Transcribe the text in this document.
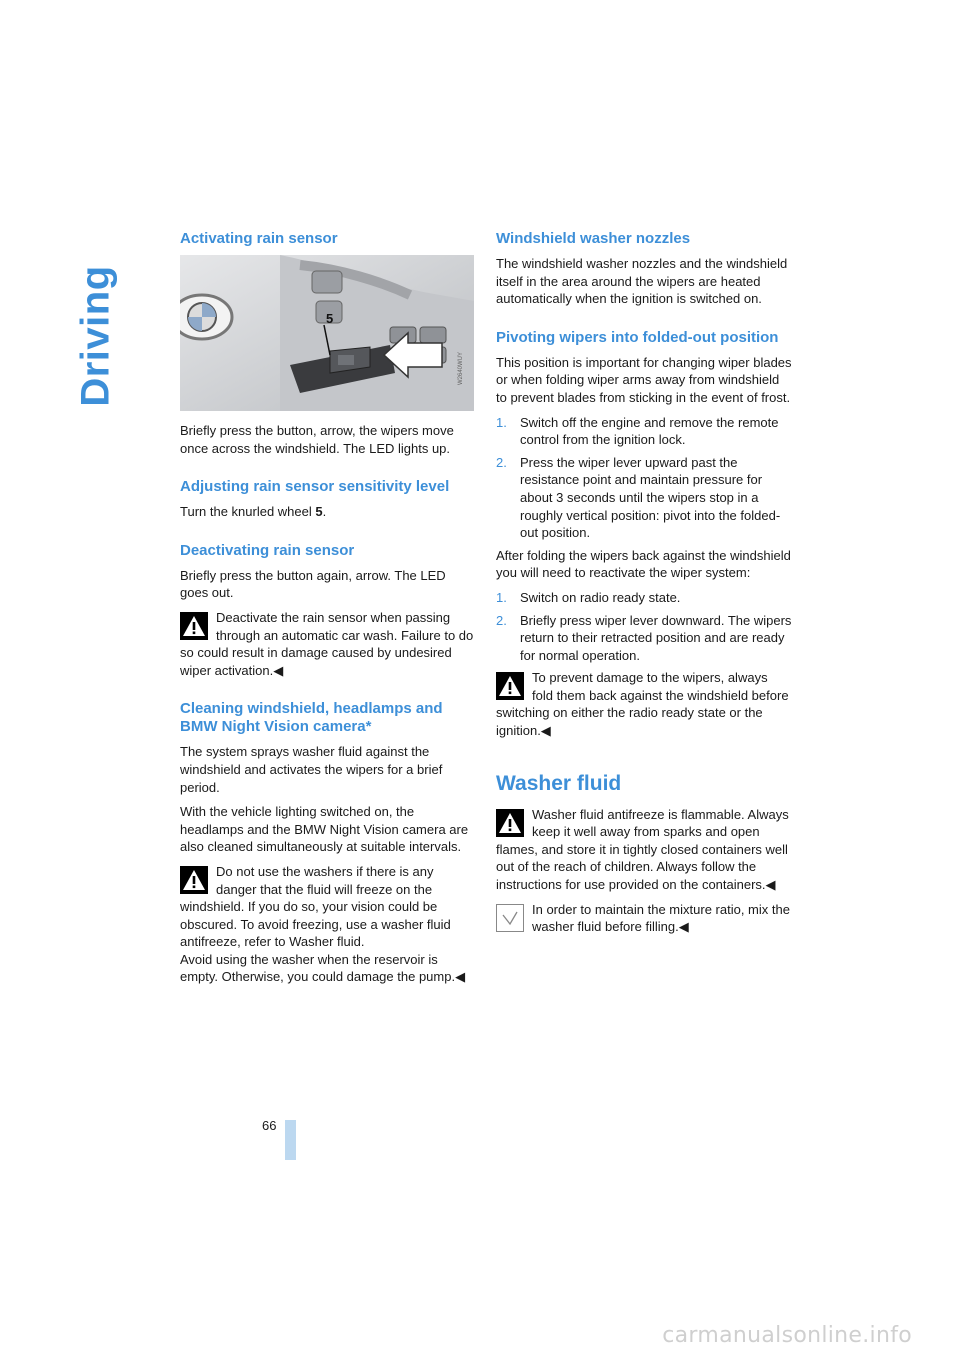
Driving
Activating rain sensor
5
W2640WUY
Briefly press the button, arrow, the wipers move once across the windshield. The LED lights up.
Adjusting rain sensor sensitivity level
Turn the knurled wheel 5.
Deactivating rain sensor
Briefly press the button again, arrow. The LED goes out.
Deactivate the rain sensor when passing through an automatic car wash. Failure to do so could result in damage caused by undesired wiper activation.◀
Cleaning windshield, headlamps and BMW Night Vision camera*
The system sprays washer fluid against the windshield and activates the wipers for a brief period.
With the vehicle lighting switched on, the headlamps and the BMW Night Vision camera are also cleaned simultaneously at suitable intervals.
Do not use the washers if there is any danger that the fluid will freeze on the windshield. If you do so, your vision could be obscured. To avoid freezing, use a washer fluid antifreeze, refer to Washer fluid.
Avoid using the washer when the reservoir is empty. Otherwise, you could damage the pump.◀
Windshield washer nozzles
The windshield washer nozzles and the windshield itself in the area around the wipers are heated automatically when the ignition is switched on.
Pivoting wipers into folded-out position
This position is important for changing wiper blades or when folding wiper arms away from windshield to prevent blades from sticking in the event of frost.
1. Switch off the engine and remove the remote control from the ignition lock.
2. Press the wiper lever upward past the resistance point and maintain pressure for about 3 seconds until the wipers stop in a roughly vertical position: pivot into the folded-out position.
After folding the wipers back against the windshield you will need to reactivate the wiper system:
1. Switch on radio ready state.
2. Briefly press wiper lever downward. The wipers return to their retracted position and are ready for normal operation.
To prevent damage to the wipers, always fold them back against the windshield before switching on either the radio ready state or the ignition.◀
Washer fluid
Washer fluid antifreeze is flammable. Always keep it well away from sparks and open flames, and store it in tightly closed containers well out of the reach of children. Always follow the instructions for use provided on the containers.◀
In order to maintain the mixture ratio, mix the washer fluid before filling.◀
66
carmanualsonline.info
